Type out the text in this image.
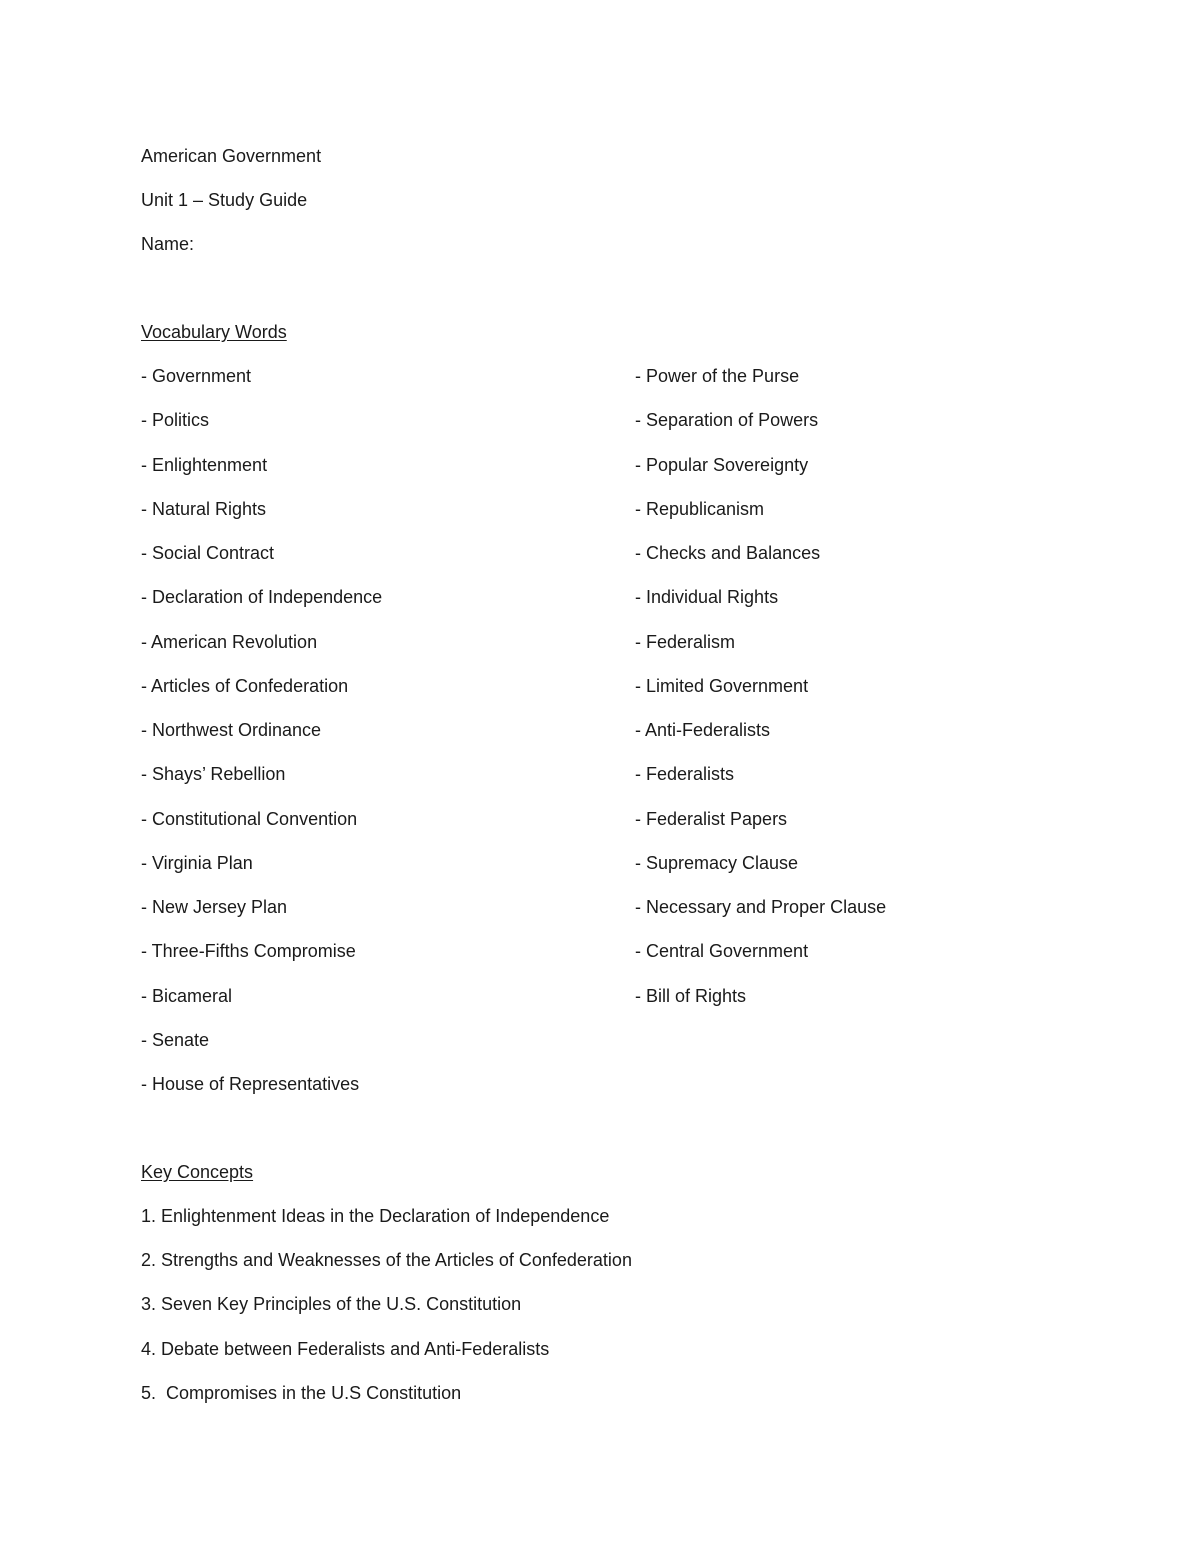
American Government
Unit 1 – Study Guide
Name:
Vocabulary Words
- Government
- Politics
- Enlightenment
- Natural Rights
- Social Contract
- Declaration of Independence
- American Revolution
- Articles of Confederation
- Northwest Ordinance
- Shays’ Rebellion
- Constitutional Convention
- Virginia Plan
- New Jersey Plan
- Three-Fifths Compromise
- Bicameral
- Senate
- House of Representatives
- Power of the Purse
- Separation of Powers
- Popular Sovereignty
- Republicanism
- Checks and Balances
- Individual Rights
- Federalism
- Limited Government
- Anti-Federalists
- Federalists
- Federalist Papers
- Supremacy Clause
- Necessary and Proper Clause
- Central Government
- Bill of Rights
Key Concepts
1. Enlightenment Ideas in the Declaration of Independence
2. Strengths and Weaknesses of the Articles of Confederation
3. Seven Key Principles of the U.S. Constitution
4. Debate between Federalists and Anti-Federalists
5.  Compromises in the U.S Constitution
